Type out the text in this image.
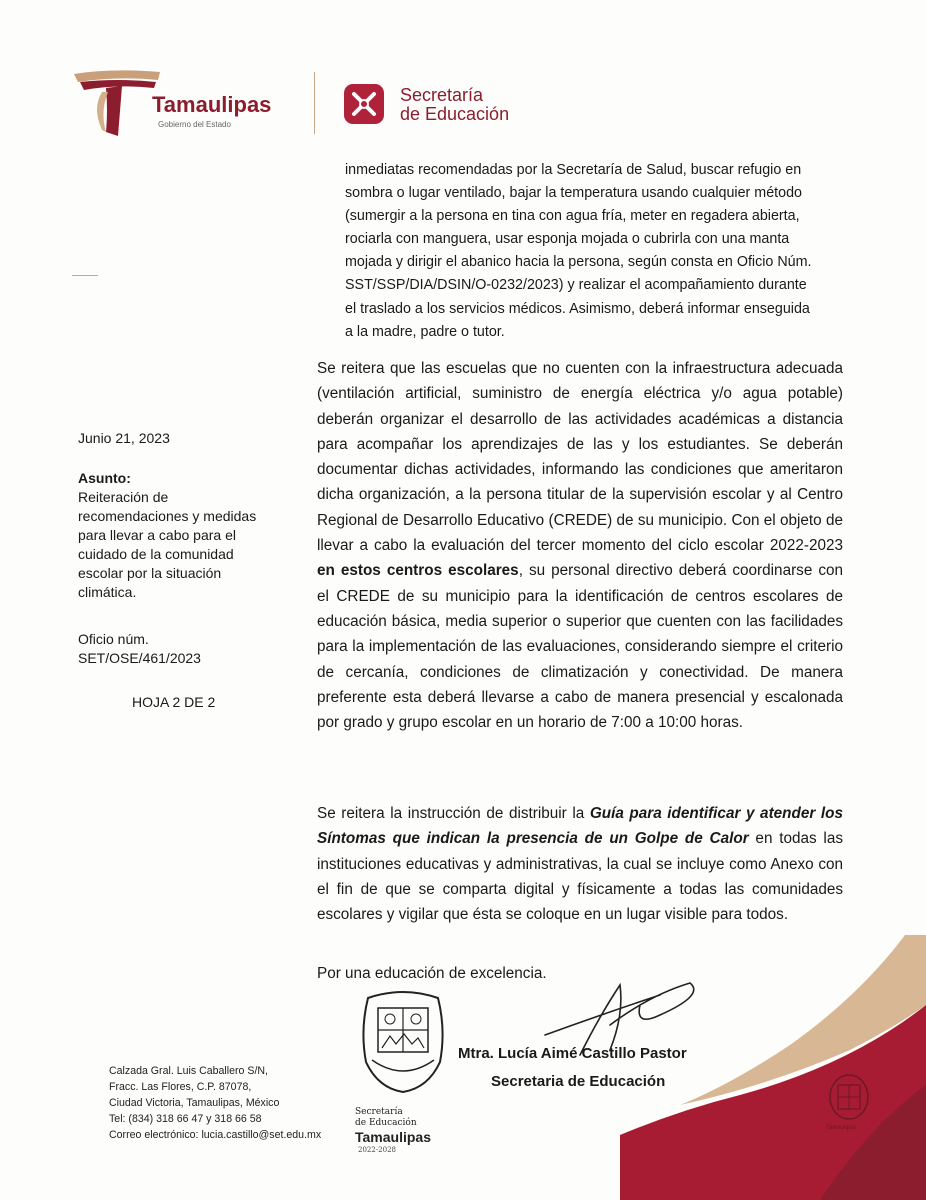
Tamaulipas
Gobierno del Estado
Secretaría
de Educación
Junio 21, 2023
Asunto:
Reiteración de
recomendaciones y medidas
para llevar a cabo para el
cuidado de la comunidad
escolar por la situación
climática.
Oficio núm.
SET/OSE/461/2023
HOJA 2 DE 2
inmediatas recomendadas por la Secretaría de Salud, buscar refugio en
sombra o lugar ventilado, bajar la temperatura usando cualquier método
(sumergir a la persona en tina con agua fría, meter en regadera abierta,
rociarla con manguera, usar esponja mojada o cubrirla con una manta
mojada y dirigir el abanico hacia la persona, según consta en Oficio Núm.
SST/SSP/DIA/DSIN/O-0232/2023) y realizar el acompañamiento durante
el traslado a los servicios médicos. Asimismo, deberá informar enseguida
a la madre, padre o tutor.

Se reitera que las escuelas que no cuenten con la infraestructura adecuada (ventilación artificial, suministro de energía eléctrica y/o agua potable) deberán organizar el desarrollo de las actividades académicas a distancia para acompañar los aprendizajes de las y los estudiantes. Se deberán documentar dichas actividades, informando las condiciones que ameritaron dicha organización, a la persona titular de la supervisión escolar y al Centro Regional de Desarrollo Educativo (CREDE) de su municipio. Con el objeto de llevar a cabo la evaluación del tercer momento del ciclo escolar 2022-2023 en estos centros escolares, su personal directivo deberá coordinarse con el CREDE de su municipio para la identificación de centros escolares de educación básica, media superior o superior que cuenten con las facilidades para la implementación de las evaluaciones, considerando siempre el criterio de cercanía, condiciones de climatización y conectividad. De manera preferente esta deberá llevarse a cabo de manera presencial y escalonada por grado y grupo escolar en un horario de 7:00 a 10:00 horas.

Se reitera la instrucción de distribuir la Guía para identificar y atender los Síntomas que indican la presencia de un Golpe de Calor en todas las instituciones educativas y administrativas, la cual se incluye como Anexo con el fin de que se comparta digital y físicamente a todas las comunidades escolares y vigilar que ésta se coloque en un lugar visible para todos.

Por una educación de excelencia.
Tamaulipas
Secretaría
de Educación
Tamaulipas
2022-2028
Mtra. Lucía Aimé Castillo Pastor
Secretaria de Educación
Calzada Gral. Luis Caballero S/N,
Fracc. Las Flores, C.P. 87078,
Ciudad Victoria, Tamaulipas, México
Tel: (834) 318 66 47 y 318 66 58
Correo electrónico: lucia.castillo@set.edu.mx
